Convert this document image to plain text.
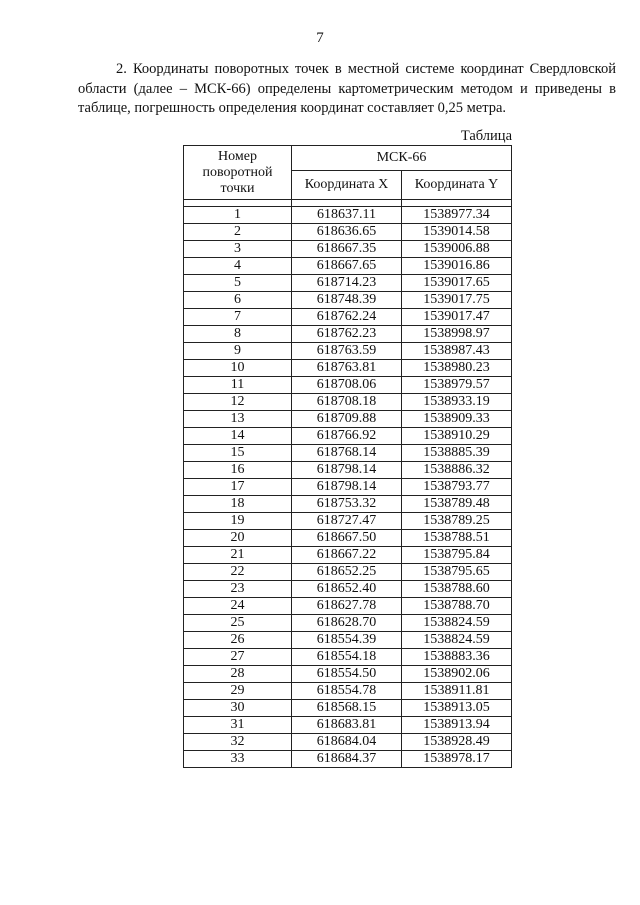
7

2. Координаты поворотных точек в местной системе координат Свердловской области (далее – МСК-66) определены картометрическим методом и приведены в таблице, погрешность определения координат составляет 0,25 метра.

Таблица
Номер поворотной точки	МСК-66	
	Координата X	Координата Y

1	618637.11	1538977.34
2	618636.65	1539014.58
3	618667.35	1539006.88
4	618667.65	1539016.86
5	618714.23	1539017.65
6	618748.39	1539017.75
7	618762.24	1539017.47
8	618762.23	1538998.97
9	618763.59	1538987.43
10	618763.81	1538980.23
11	618708.06	1538979.57
12	618708.18	1538933.19
13	618709.88	1538909.33
14	618766.92	1538910.29
15	618768.14	1538885.39
16	618798.14	1538886.32
17	618798.14	1538793.77
18	618753.32	1538789.48
19	618727.47	1538789.25
20	618667.50	1538788.51
21	618667.22	1538795.84
22	618652.25	1538795.65
23	618652.40	1538788.60
24	618627.78	1538788.70
25	618628.70	1538824.59
26	618554.39	1538824.59
27	618554.18	1538883.36
28	618554.50	1538902.06
29	618554.78	1538911.81
30	618568.15	1538913.05
31	618683.81	1538913.94
32	618684.04	1538928.49
33	618684.37	1538978.17
